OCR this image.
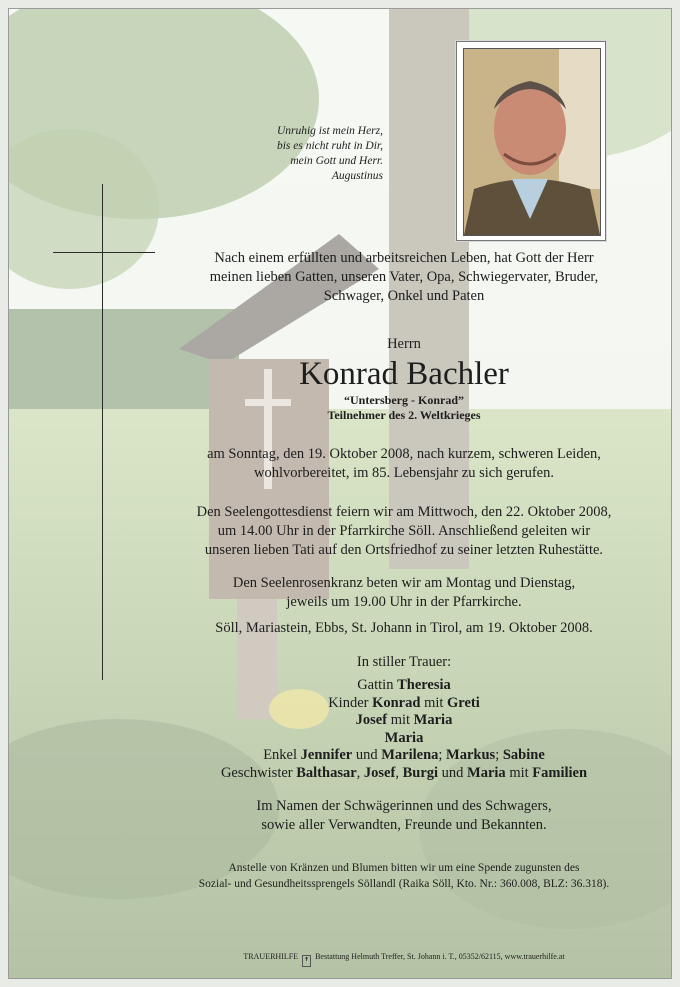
Unruhig ist mein Herz,
bis es nicht ruht in Dir,
mein Gott und Herr.
Augustinus
Nach einem erfüllten und arbeitsreichen Leben, hat Gott der Herr
meinen lieben Gatten, unseren Vater, Opa, Schwiegervater, Bruder,
Schwager, Onkel und Paten
Herrn
Konrad Bachler
“Untersberg - Konrad”
Teilnehmer des 2. Weltkrieges
am Sonntag, den 19. Oktober 2008, nach kurzem, schweren Leiden,
wohlvorbereitet, im 85. Lebensjahr zu sich gerufen.
Den Seelengottesdienst feiern wir am Mittwoch, den 22. Oktober 2008,
um 14.00 Uhr in der Pfarrkirche Söll. Anschließend geleiten wir
unseren lieben Tati auf den Ortsfriedhof zu seiner letzten Ruhestätte.
Den Seelenrosenkranz beten wir am Montag und Dienstag,
jeweils um 19.00 Uhr in der Pfarrkirche.
Söll, Mariastein, Ebbs, St. Johann in Tirol, am 19. Oktober 2008.
In stiller Trauer:
Gattin Theresia
Kinder Konrad mit Greti
Josef mit Maria
Maria
Enkel Jennifer und Marilena; Markus; Sabine
Geschwister Balthasar, Josef, Burgi und Maria mit Familien
Im Namen der Schwägerinnen und des Schwagers,
sowie aller Verwandten, Freunde und Bekannten.
Anstelle von Kränzen und Blumen bitten wir um eine Spende zugunsten des
Sozial- und Gesundheitssprengels Söllandl (Raika Söll, Kto. Nr.: 360.008, BLZ: 36.318).
TRAUERHILFE ✝ Bestattung Helmuth Treffer, St. Johann i. T., 05352/62115, www.trauerhilfe.at
